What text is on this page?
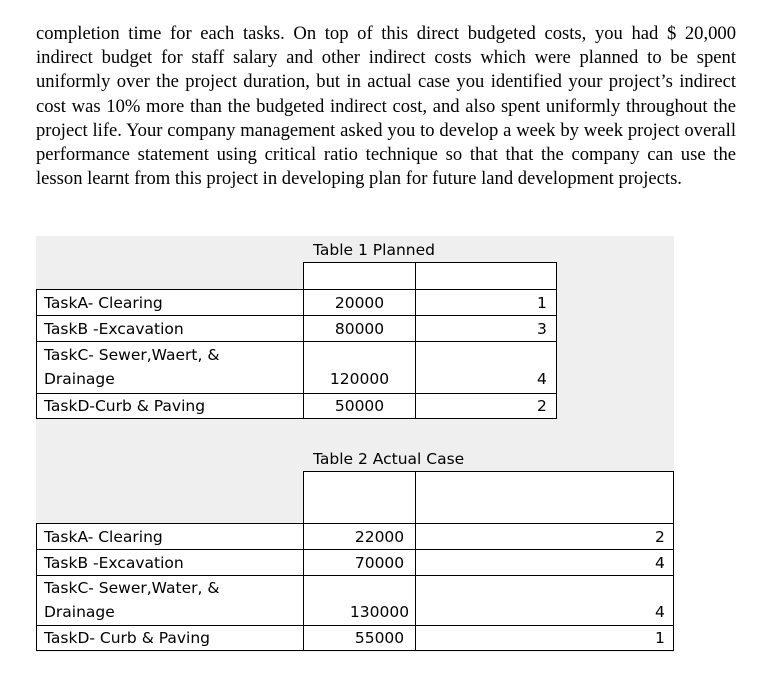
completion time for each tasks. On top of this direct budgeted costs, you had $ 20,000 indirect budget for staff salary and other indirect costs which were planned to be spent uniformly over the project duration, but in actual case you identified your project’s indirect cost was 10% more than the budgeted indirect cost, and also spent uniformly throughout the project life. Your company management asked you to develop a week by week project overall performance statement using critical ratio technique so that that the company can use the lesson learnt from this project in developing plan for future land development projects.
Table 1 Planned
TaskA- Clearing	20000	1
TaskB -Excavation	80000	3
TaskC- Sewer,Waert, &
Drainage	120000	4
TaskD-Curb & Paving	50000	2
Table 2 Actual Case
TaskA- Clearing	22000	2
TaskB -Excavation	70000	4
TaskC- Sewer,Water, &
Drainage	130000	4
TaskD- Curb & Paving	55000	1
